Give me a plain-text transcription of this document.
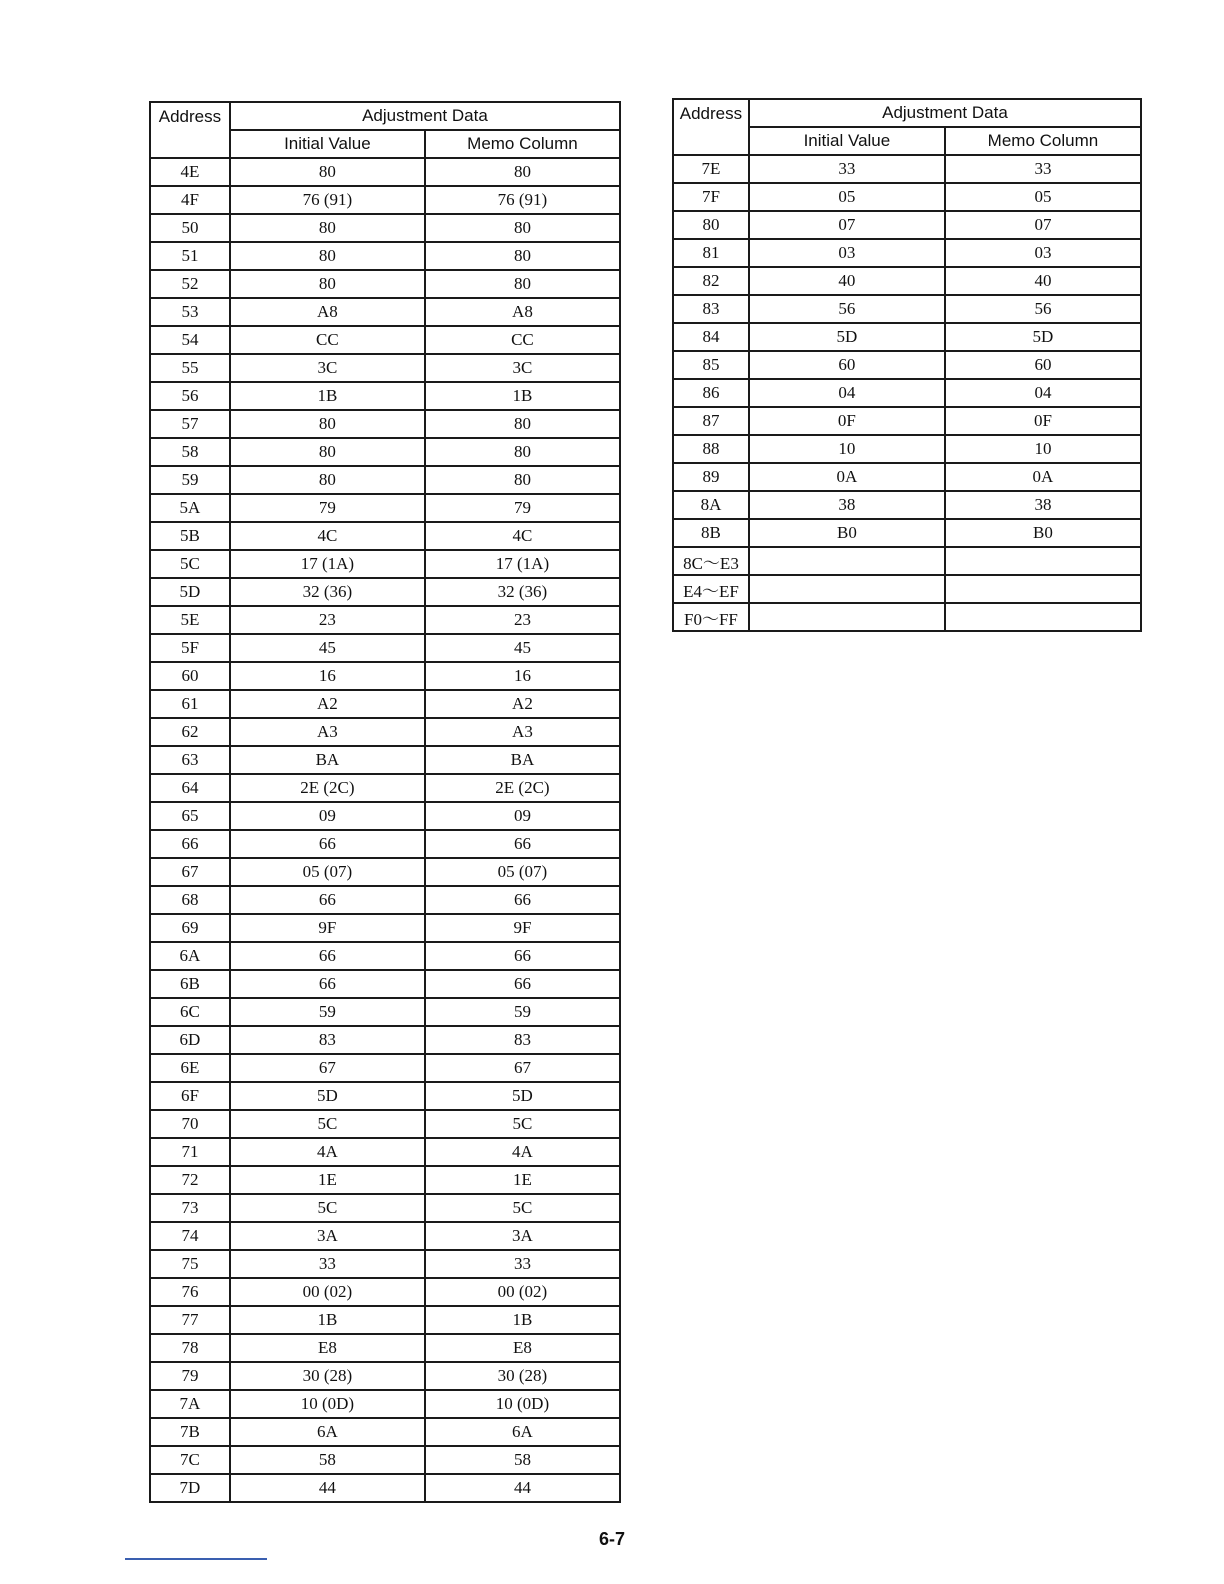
Address	Adjustment Data	
	Initial Value	Memo Column
4E	80	80
4F	76 (91)	76 (91)
50	80	80
51	80	80
52	80	80
53	A8	A8
54	CC	CC
55	3C	3C
56	1B	1B
57	80	80
58	80	80
59	80	80
5A	79	79
5B	4C	4C
5C	17 (1A)	17 (1A)
5D	32 (36)	32 (36)
5E	23	23
5F	45	45
60	16	16
61	A2	A2
62	A3	A3
63	BA	BA
64	2E (2C)	2E (2C)
65	09	09
66	66	66
67	05 (07)	05 (07)
68	66	66
69	9F	9F
6A	66	66
6B	66	66
6C	59	59
6D	83	83
6E	67	67
6F	5D	5D
70	5C	5C
71	4A	4A
72	1E	1E
73	5C	5C
74	3A	3A
75	33	33
76	00 (02)	00 (02)
77	1B	1B
78	E8	E8
79	30 (28)	30 (28)
7A	10 (0D)	10 (0D)
7B	6A	6A
7C	58	58
7D	44	44
Address	Adjustment Data	
	Initial Value	Memo Column
7E	33	33
7F	05	05
80	07	07
81	03	03
82	40	40
83	56	56
84	5D	5D
85	60	60
86	04	04
87	0F	0F
88	10	10
89	0A	0A
8A	38	38
8B	B0	B0
8C～E3		
E4～EF		
F0～FF		
6-7
